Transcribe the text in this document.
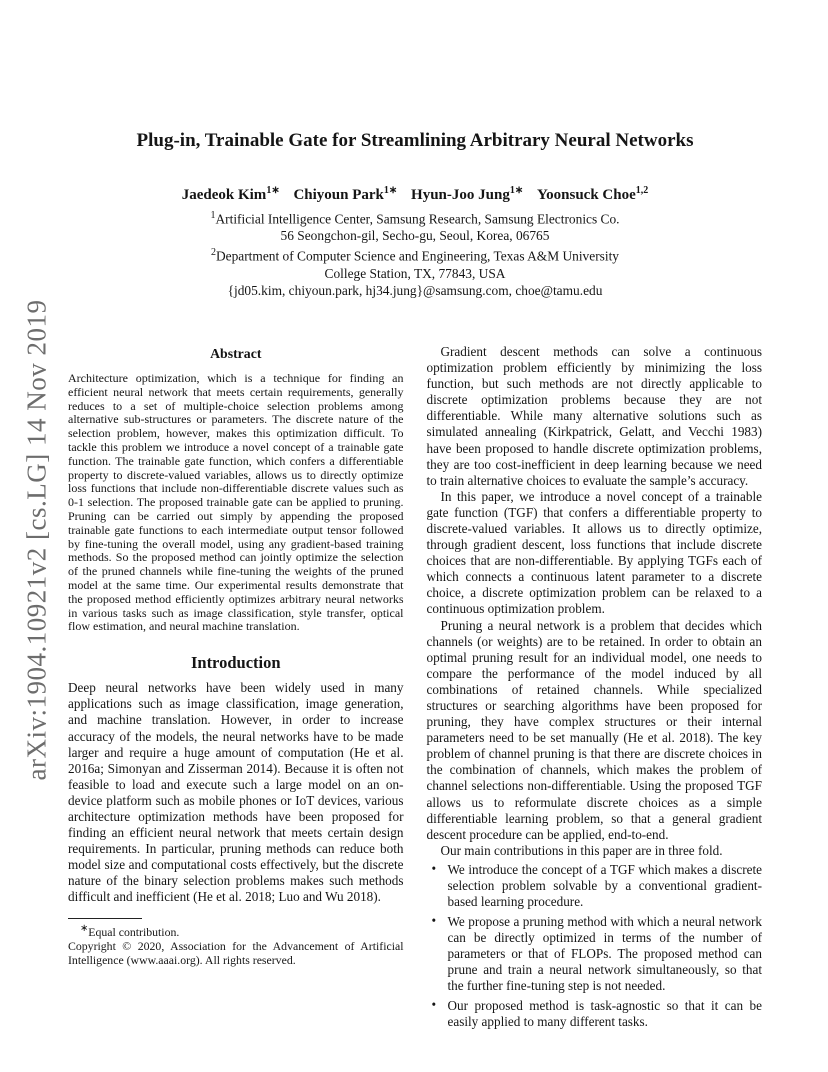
arXiv:1904.10921v2 [cs.LG] 14 Nov 2019
Plug-in, Trainable Gate for Streamlining Arbitrary Neural Networks
Jaedeok Kim$^{1∗}$ Chiyoun Park$^{1∗}$ Hyun-Joo Jung$^{1∗}$ Yoonsuck Choe$^{1,2}$
$^1$Artificial Intelligence Center, Samsung Research, Samsung Electronics Co.
56 Seongchon-gil, Secho-gu, Seoul, Korea, 06765
$^2$Department of Computer Science and Engineering, Texas A&M University
College Station, TX, 77843, USA
{jd05.kim, chiyoun.park, hj34.jung}@samsung.com, choe@tamu.edu
Abstract

Architecture optimization, which is a technique for finding an efficient neural network that meets certain requirements, generally reduces to a set of multiple-choice selection problems among alternative sub-structures or parameters. The discrete nature of the selection problem, however, makes this optimization difficult. To tackle this problem we introduce a novel concept of a trainable gate function. The trainable gate function, which confers a differentiable property to discrete-valued variables, allows us to directly optimize loss functions that include non-differentiable discrete values such as 0-1 selection. The proposed trainable gate can be applied to pruning. Pruning can be carried out simply by appending the proposed trainable gate functions to each intermediate output tensor followed by fine-tuning the overall model, using any gradient-based training methods. So the proposed method can jointly optimize the selection of the pruned channels while fine-tuning the weights of the pruned model at the same time. Our experimental results demonstrate that the proposed method efficiently optimizes arbitrary neural networks in various tasks such as image classification, style transfer, optical flow estimation, and neural machine translation.

Introduction

Deep neural networks have been widely used in many applications such as image classification, image generation, and machine translation. However, in order to increase accuracy of the models, the neural networks have to be made larger and require a huge amount of computation (He et al. 2016a; Simonyan and Zisserman 2014). Because it is often not feasible to load and execute such a large model on an on-device platform such as mobile phones or IoT devices, various architecture optimization methods have been proposed for finding an efficient neural network that meets certain design requirements. In particular, pruning methods can reduce both model size and computational costs effectively, but the discrete nature of the binary selection problems makes such methods difficult and inefficient (He et al. 2018; Luo and Wu 2018).

∗Equal contribution.

Copyright © 2020, Association for the Advancement of Artificial Intelligence (www.aaai.org). All rights reserved.

Gradient descent methods can solve a continuous optimization problem efficiently by minimizing the loss function, but such methods are not directly applicable to discrete optimization problems because they are not differentiable. While many alternative solutions such as simulated annealing (Kirkpatrick, Gelatt, and Vecchi 1983) have been proposed to handle discrete optimization problems, they are too cost-inefficient in deep learning because we need to train alternative choices to evaluate the sample’s accuracy.

In this paper, we introduce a novel concept of a trainable gate function (TGF) that confers a differentiable property to discrete-valued variables. It allows us to directly optimize, through gradient descent, loss functions that include discrete choices that are non-differentiable. By applying TGFs each of which connects a continuous latent parameter to a discrete choice, a discrete optimization problem can be relaxed to a continuous optimization problem.

Pruning a neural network is a problem that decides which channels (or weights) are to be retained. In order to obtain an optimal pruning result for an individual model, one needs to compare the performance of the model induced by all combinations of retained channels. While specialized structures or searching algorithms have been proposed for pruning, they have complex structures or their internal parameters need to be set manually (He et al. 2018). The key problem of channel pruning is that there are discrete choices in the combination of channels, which makes the problem of channel selections non-differentiable. Using the proposed TGF allows us to reformulate discrete choices as a simple differentiable learning problem, so that a general gradient descent procedure can be applied, end-to-end.

Our main contributions in this paper are in three fold.

• We introduce the concept of a TGF which makes a discrete selection problem solvable by a conventional gradient-based learning procedure.
• We propose a pruning method with which a neural network can be directly optimized in terms of the number of parameters or that of FLOPs. The proposed method can prune and train a neural network simultaneously, so that the further fine-tuning step is not needed.
• Our proposed method is task-agnostic so that it can be easily applied to many different tasks.
